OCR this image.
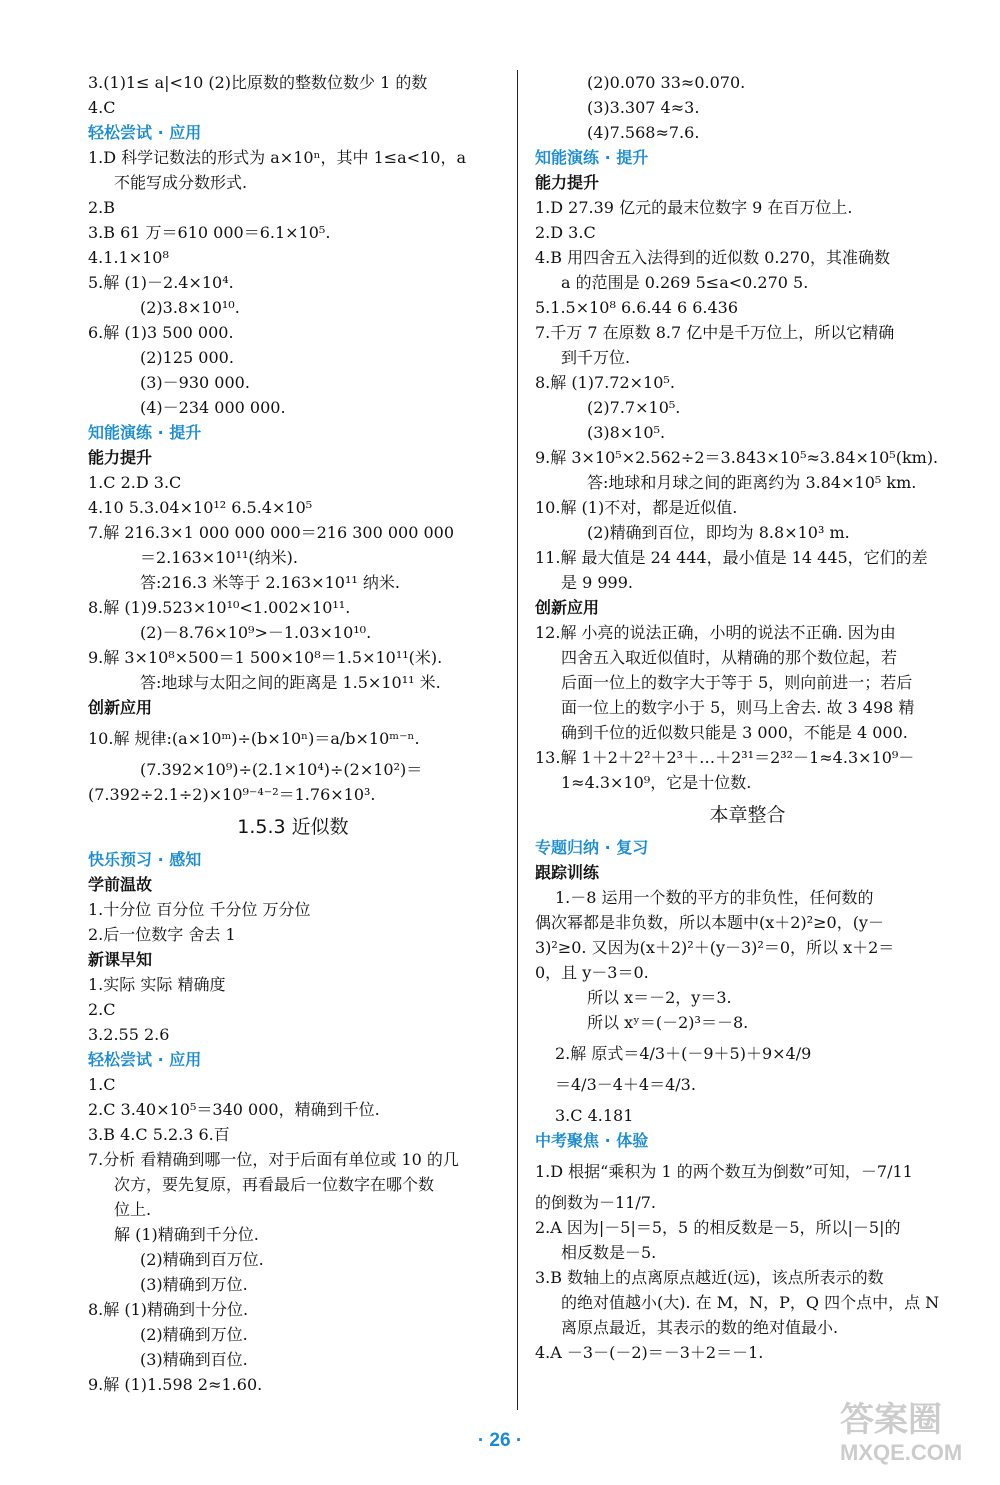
3.(1)1≤ a|<10 (2)比原数的整数位数少 1 的数
4.C
轻松尝试 · 应用
1.D 科学记数法的形式为 a×10ⁿ，其中 1≤a<10，a
不能写成分数形式.
2.B
3.B 61 万＝610 000＝6.1×10⁵.
4.1.1×10⁸
5.解 (1)－2.4×10⁴.
(2)3.8×10¹⁰.
6.解 (1)3 500 000.
(2)125 000.
(3)－930 000.
(4)－234 000 000.
知能演练 · 提升
能力提升
1.C 2.D 3.C
4.10 5.3.04×10¹² 6.5.4×10⁵
7.解 216.3×1 000 000 000＝216 300 000 000
＝2.163×10¹¹(纳米).
答:216.3 米等于 2.163×10¹¹ 纳米.
8.解 (1)9.523×10¹⁰<1.002×10¹¹.
(2)－8.76×10⁹>－1.03×10¹⁰.
9.解 3×10⁸×500＝1 500×10⁸＝1.5×10¹¹(米).
答:地球与太阳之间的距离是 1.5×10¹¹ 米.
创新应用
10.解 规律:(a×10ᵐ)÷(b×10ⁿ)＝a/b×10ᵐ⁻ⁿ.
(7.392×10⁹)÷(2.1×10⁴)÷(2×10²)＝
(7.392÷2.1÷2)×10⁹⁻⁴⁻²＝1.76×10³.
1.5.3 近似数
快乐预习 · 感知
学前温故
1.十分位 百分位 千分位 万分位
2.后一位数字 舍去 1
新课早知
1.实际 实际 精确度
2.C
3.2.55 2.6
轻松尝试 · 应用
1.C
2.C 3.40×10⁵＝340 000，精确到千位.
3.B 4.C 5.2.3 6.百
7.分析 看精确到哪一位，对于后面有单位或 10 的几
次方，要先复原，再看最后一位数字在哪个数
位上.
解 (1)精确到千分位.
(2)精确到百万位.
(3)精确到万位.
8.解 (1)精确到十分位.
(2)精确到万位.
(3)精确到百位.
9.解 (1)1.598 2≈1.60.
(2)0.070 33≈0.070.
(3)3.307 4≈3.
(4)7.568≈7.6.
知能演练 · 提升
能力提升
1.D 27.39 亿元的最末位数字 9 在百万位上.
2.D 3.C
4.B 用四舍五入法得到的近似数 0.270，其准确数
a 的范围是 0.269 5≤a<0.270 5.
5.1.5×10⁸ 6.6.44 6 6.436
7.千万 7 在原数 8.7 亿中是千万位上，所以它精确
到千万位.
8.解 (1)7.72×10⁵.
(2)7.7×10⁵.
(3)8×10⁵.
9.解 3×10⁵×2.562÷2＝3.843×10⁵≈3.84×10⁵(km).
答:地球和月球之间的距离约为 3.84×10⁵ km.
10.解 (1)不对，都是近似值.
(2)精确到百位，即均为 8.8×10³ m.
11.解 最大值是 24 444，最小值是 14 445，它们的差
是 9 999.
创新应用
12.解 小亮的说法正确，小明的说法不正确. 因为由
四舍五入取近似值时，从精确的那个数位起，若
后面一位上的数字大于等于 5，则向前进一；若后
面一位上的数字小于 5，则马上舍去. 故 3 498 精
确到千位的近似数只能是 3 000，不能是 4 000.
13.解 1＋2＋2²＋2³＋…＋2³¹＝2³²－1≈4.3×10⁹－
1≈4.3×10⁹，它是十位数.
本章整合
专题归纳 · 复习
跟踪训练
1.－8 运用一个数的平方的非负性，任何数的
偶次幂都是非负数，所以本题中(x＋2)²≥0，(y－
3)²≥0. 又因为(x＋2)²＋(y－3)²＝0，所以 x＋2＝
0，且 y－3＝0.
所以 x＝－2，y＝3.
所以 xʸ＝(－2)³＝－8.
2.解 原式＝4/3＋(－9＋5)＋9×4/9
＝4/3－4＋4＝4/3.
3.C 4.181
中考聚焦 · 体验
1.D 根据“乘积为 1 的两个数互为倒数”可知，－7/11
的倒数为－11/7.
2.A 因为|－5|＝5，5 的相反数是－5，所以|－5|的
相反数是－5.
3.B 数轴上的点离原点越近(远)，该点所表示的数
的绝对值越小(大). 在 M，N，P，Q 四个点中，点 N
离原点最近，其表示的数的绝对值最小.
4.A －3－(－2)＝－3＋2＝－1.
· 26 ·
答案圈
MXQE.COM
